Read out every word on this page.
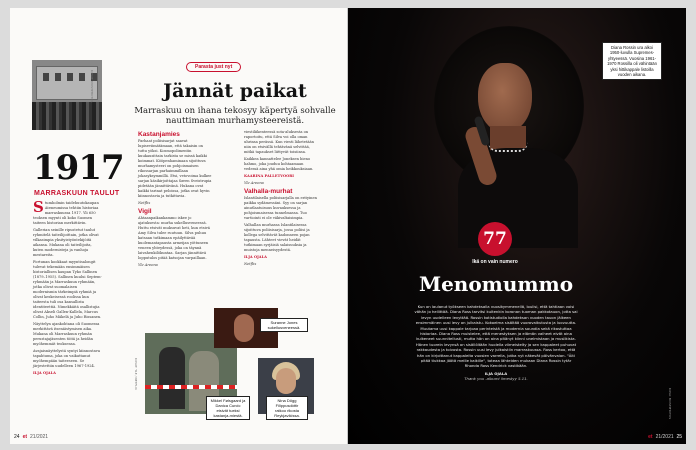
KUVAT: MOSTPHOTOS
1917
MARRASKUUN TAULUT

Stumholmin taidehuutokaupan Ateneumissa tehtiin historiaa marraskuussa 1917. Yli 650 teoksen myynti oli koko Suomen taiteen historian merkittävin.

Gallerian seinille ripustetut taulut ryhmitelä taiteilijoittain, jotka olivat vilkasimpia yksityistyöntekijöitä aikansa. Mukana oli taiteilijoita, kuten modernisteja ja vanhoja mestareita.

Fortunan kookkaat myyntisalongit tulevat tekemään ensimmäisen historiallisen kaupan Tyko Sallinen (1879–1955). Sallinen kuului Septem-ryhmään ja Marraskuun ryhmään, jotka olivat suomalaisen modernismin tärkeimpiä ryhmiä ja olivat keskeisessä roolissa kun taiteesta tuli osa kansallista identiteettiä. Nimekkäitä osallistujia olivat Akseli Gallen-Kallela, Marcus Collin, Juho Mäkelä ja Juho Rissanen.

Näyttelyn ajankohtana oli Suomessa merkittävä itsenäistymisen aika. Mukana oli Marraskuun ryhmän perustajajäsenten töitä ja heidän myöhemmät teoksensa.

Avajaisnäyttelystä syntyi kiinnostava tapahtuma, joka on vaikuttanut myöhempään taiteeseen. Se järjestettiin uudelleen 1967-1924.

ILJA OJALA

Parasta just nyt
Jännät paikat
Marraskuu on ihana tekosyy käpertyä sohvalle nauttimaan murhamysteereistä.
Kastanjamies

Parhaat poliisisarjat saavat lupiseviimätämaan, että takaisin on tuttu yöksi. Kosmopolimentin kuukausittain tarkista se missä kaikki koimmat. Kööpenhaminaan sijoittuva murhamysteeri on pohjoismaisen rikossarjan parhaimmillaan jokasyksymmillä. Etsi, vetovoima kulkee sarjan käsikirjoittajaa Søren Sveistrupia pidetään jännittävänä. Hukana ovat kaikki tarinat peloissa, jotka ovat hyvin kiinnostavia ja tutkittavia.

Netflix

Vigil

Ahtaanpaikankammo iskee jo ajatuksesta: murha sukellusveneessä. Huttu etsivät muksuvat heti, kun etsivä Amy Silva tulee ruutuun. Silva puhuu katsaan tutkimaan epäilyttävää kuolemantapausta armeijan yöttuneen veneen yhteydessä, joka on täynnä laivahenkilökuntaa. Sarjan jännittävä lopputulos pitää katsojan varpaillaan.

Yle Areena

viestiliikenteessä sota-aluksesta on raportoitu, että Silva voi olla oman uhrinsa perässä. Kun viesti lähetetään niin on etsivällä tehtävänä selvittää, mitkä tapaukset liittyvät toisiinsa.

Kaikkea kannattelee Joneksen hieno hahmo, joka jouduu kohtaamaan vedessä aina yhä omia heikkouksiaan.

KAARINA PALLETVOORI

Yle Areena

Valhalla-murhat

Islantilaisella poliisisarjalla on erityinen paikka sydämessäni. Syy on sarjan ainutlaatuisuus kuvauksessa ja pohjoismaisessa tunnelmassa. Tuo vartiointi ei ole väkivaltaisimpia.

Valhallan murhassa Islantilaisessa sijoittuva poliisisarja, jossa poliisi ja kollega selvittävät kadonneen pojan tapausta. Lähteet vievät heidät tutkimaan syrjäisiä salaisuuksia ja muistoja menneisyydestä.

ILJA OJALA

Netflix

KUVAT: YLE / NETFLIX
Suranne Jones sukellusveneessä.
Mikkel Følsgaard ja Danica Curcic etsivät tueksi kastanja-miestä.
Nina Dögg Filippusdóttir ratkoo rikosta Reykjavíkissa.
24 et 21/2021
Diana Rossin ura alkoi 1950-luvulla Supremes-yhtyeessä. Vuosina 1961-1970 Rossilla oli vähintään yksi hittikappale listoilla vuoden aikana.
77
Ikä on vain numero
Menomummo

Kun on laulanut työkseen kahdeksalla vuosikymmenellä, loulisi, että tahtiaan voisi vähän jo hellittää. Diana Ross tarvitsi kuitenkin koronan tuoman pakkotauon, jotta sai levyn uudelleen levyttää. Rossin kotistudiolla kahdeksan vuoden tauon jälkeen ensimmäinen uusi levy on julkaistu. Kokoelma sisältää vuorovaikutusta ja luovuutta. Muutama uusi kappale tarjoaa perinteistä ja modernia soundia sekä rikastuttaa historiaa. Diana Ross muistelee, että menestyksen ja elämän vaiheet eivät aina kulkeneet suunnitellusti, mutta hän on aina pitänyt kiinni unelmistaan ja musiikista. Hänen tuorein levynsä on sisällöltään huolella viimeistelty ja sen kappaleet puhuvat rakkaudesta ja toivosta. Rossin uusi levy julkaistiin marraskuussa. Ross kertoo, että hän on kirjoittanut kappaleita vuosien varrella, jotka nyt näkevät päivänvalon. "Äiti pitää tiukkaa jöötä meille kaikille", toteaa lähteiden mukaan Diana Rossin tytär Rhonda Ross Kendrick vastikään.

ILJA OJALA

Thank you -albumi ilmestyy 5.11.

KUVA: MOSTPHOTOS
et 21/2021 25
